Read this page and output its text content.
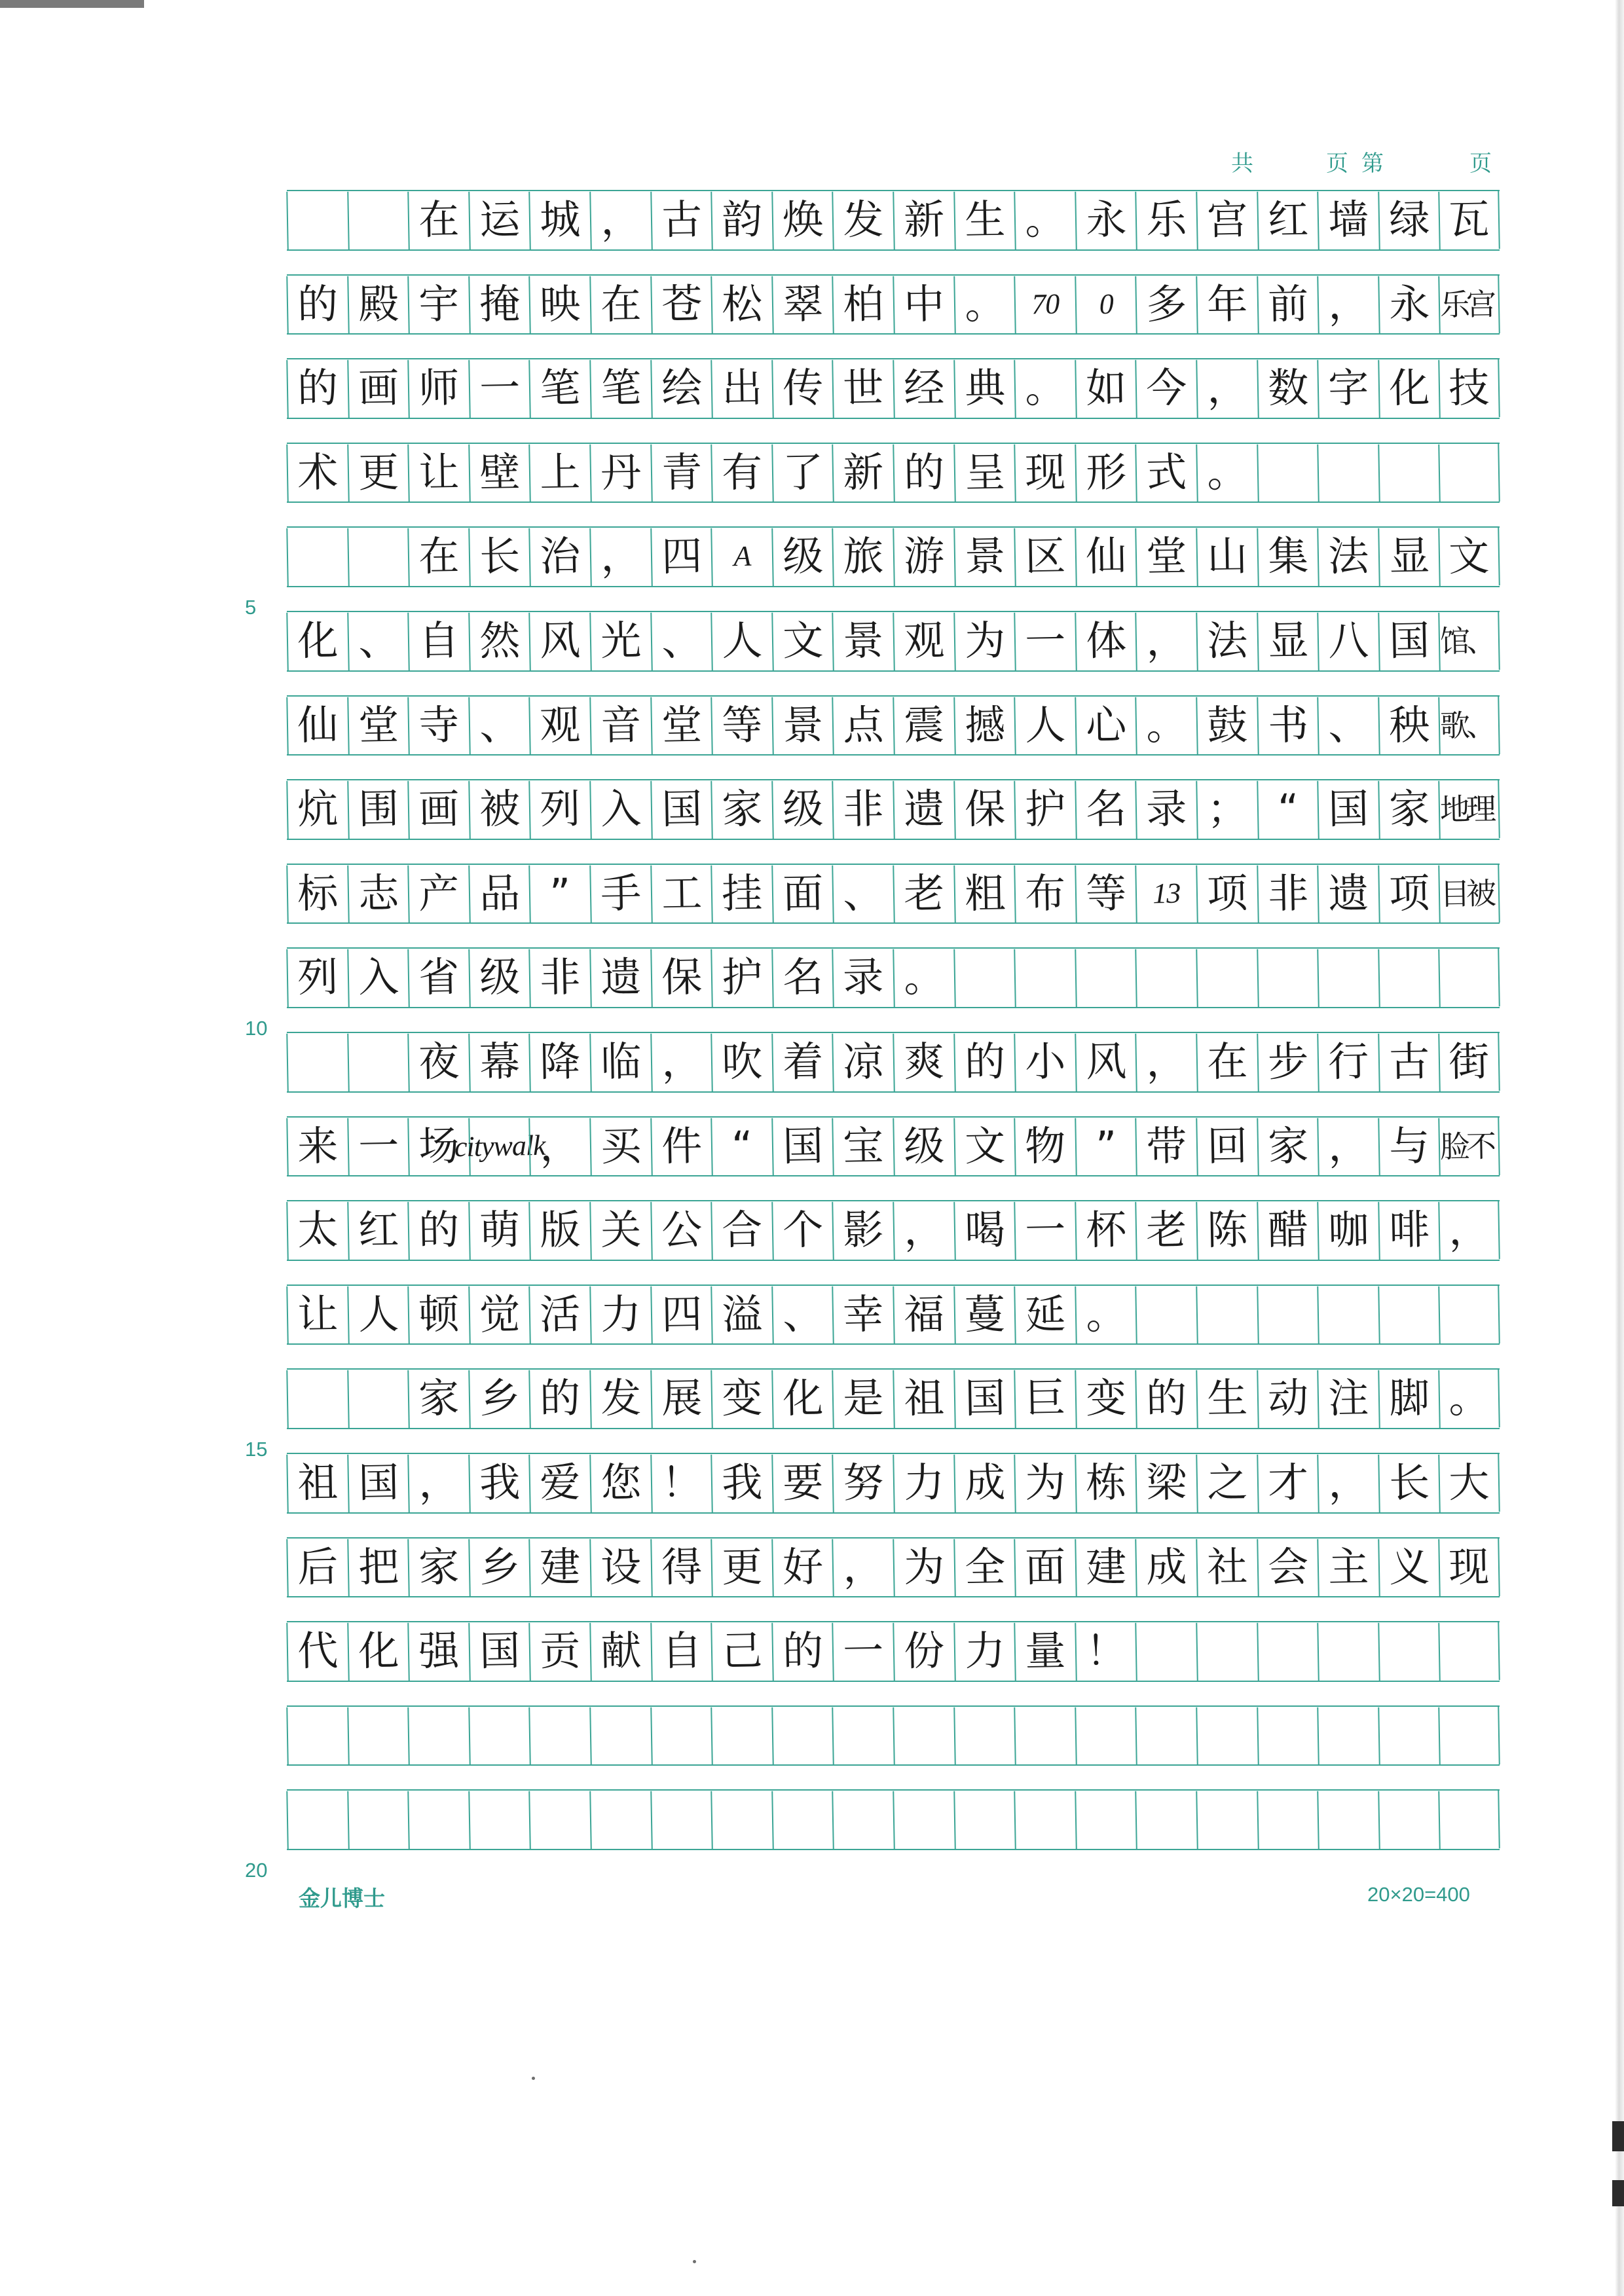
共	页 第	页
在 运 城 ， 古 韵 焕 发 新 生 。 永 乐 宫 红 墙 绿 瓦
的 殿 宇 掩 映 在 苍 松 翠 柏 中 。 70	0 多 年 前 ， 永 乐宫
的 画 师 一 笔 笔 绘 出 传 世 经 典 。 如 今 ， 数 字 化 技
术 更 让 壁 上 丹 青 有 了 新 的 呈 现 形 式 。
在 长 治 ， 四	A 级 旅 游 景 区 仙 堂 山 集 法 显 文
化 、 自 然 风 光 、 人 文 景 观 为 一 体 ， 法 显 八 国 馆、
仙 堂 寺 、 观 音 堂 等 景 点 震 撼 人 心 。 鼓 书 、 秧 歌、
炕 围 画 被 列 入 国 家 级 非 遗 保 护 名 录 ； “ 国 家 地理
标 志 产 品 ” 手 工 挂 面 、 老 粗 布 等 13 项 非 遗 项 目被
列 入 省 级 非 遗 保 护 名 录 。
夜 幕 降 临 ， 吹 着 凉 爽 的 小 风 ， 在 步 行 古 街
来 一 场
citywalk
， 买 件 “ 国 宝 级 文 物 ” 带 回 家 ， 与 脸不
太 红 的 萌 版 关 公 合 个 影 ， 喝 一 杯 老 陈 醋 咖 啡 ，
让 人 顿 觉 活 力 四 溢 、 幸 福 蔓 延 。
家 乡 的 发 展 变 化 是 祖 国 巨 变 的 生 动 注 脚 。
祖 国 ， 我 爱 您 ！ 我 要 努 力 成 为 栋 梁 之 才 ， 长 大
后 把 家 乡 建 设 得 更 好 ， 为 全 面 建 成 社 会 主 义 现
代 化 强 国 贡 献 自 己 的 一 份 力 量 ！
5
10
15
20
金儿博士	20×20=400
